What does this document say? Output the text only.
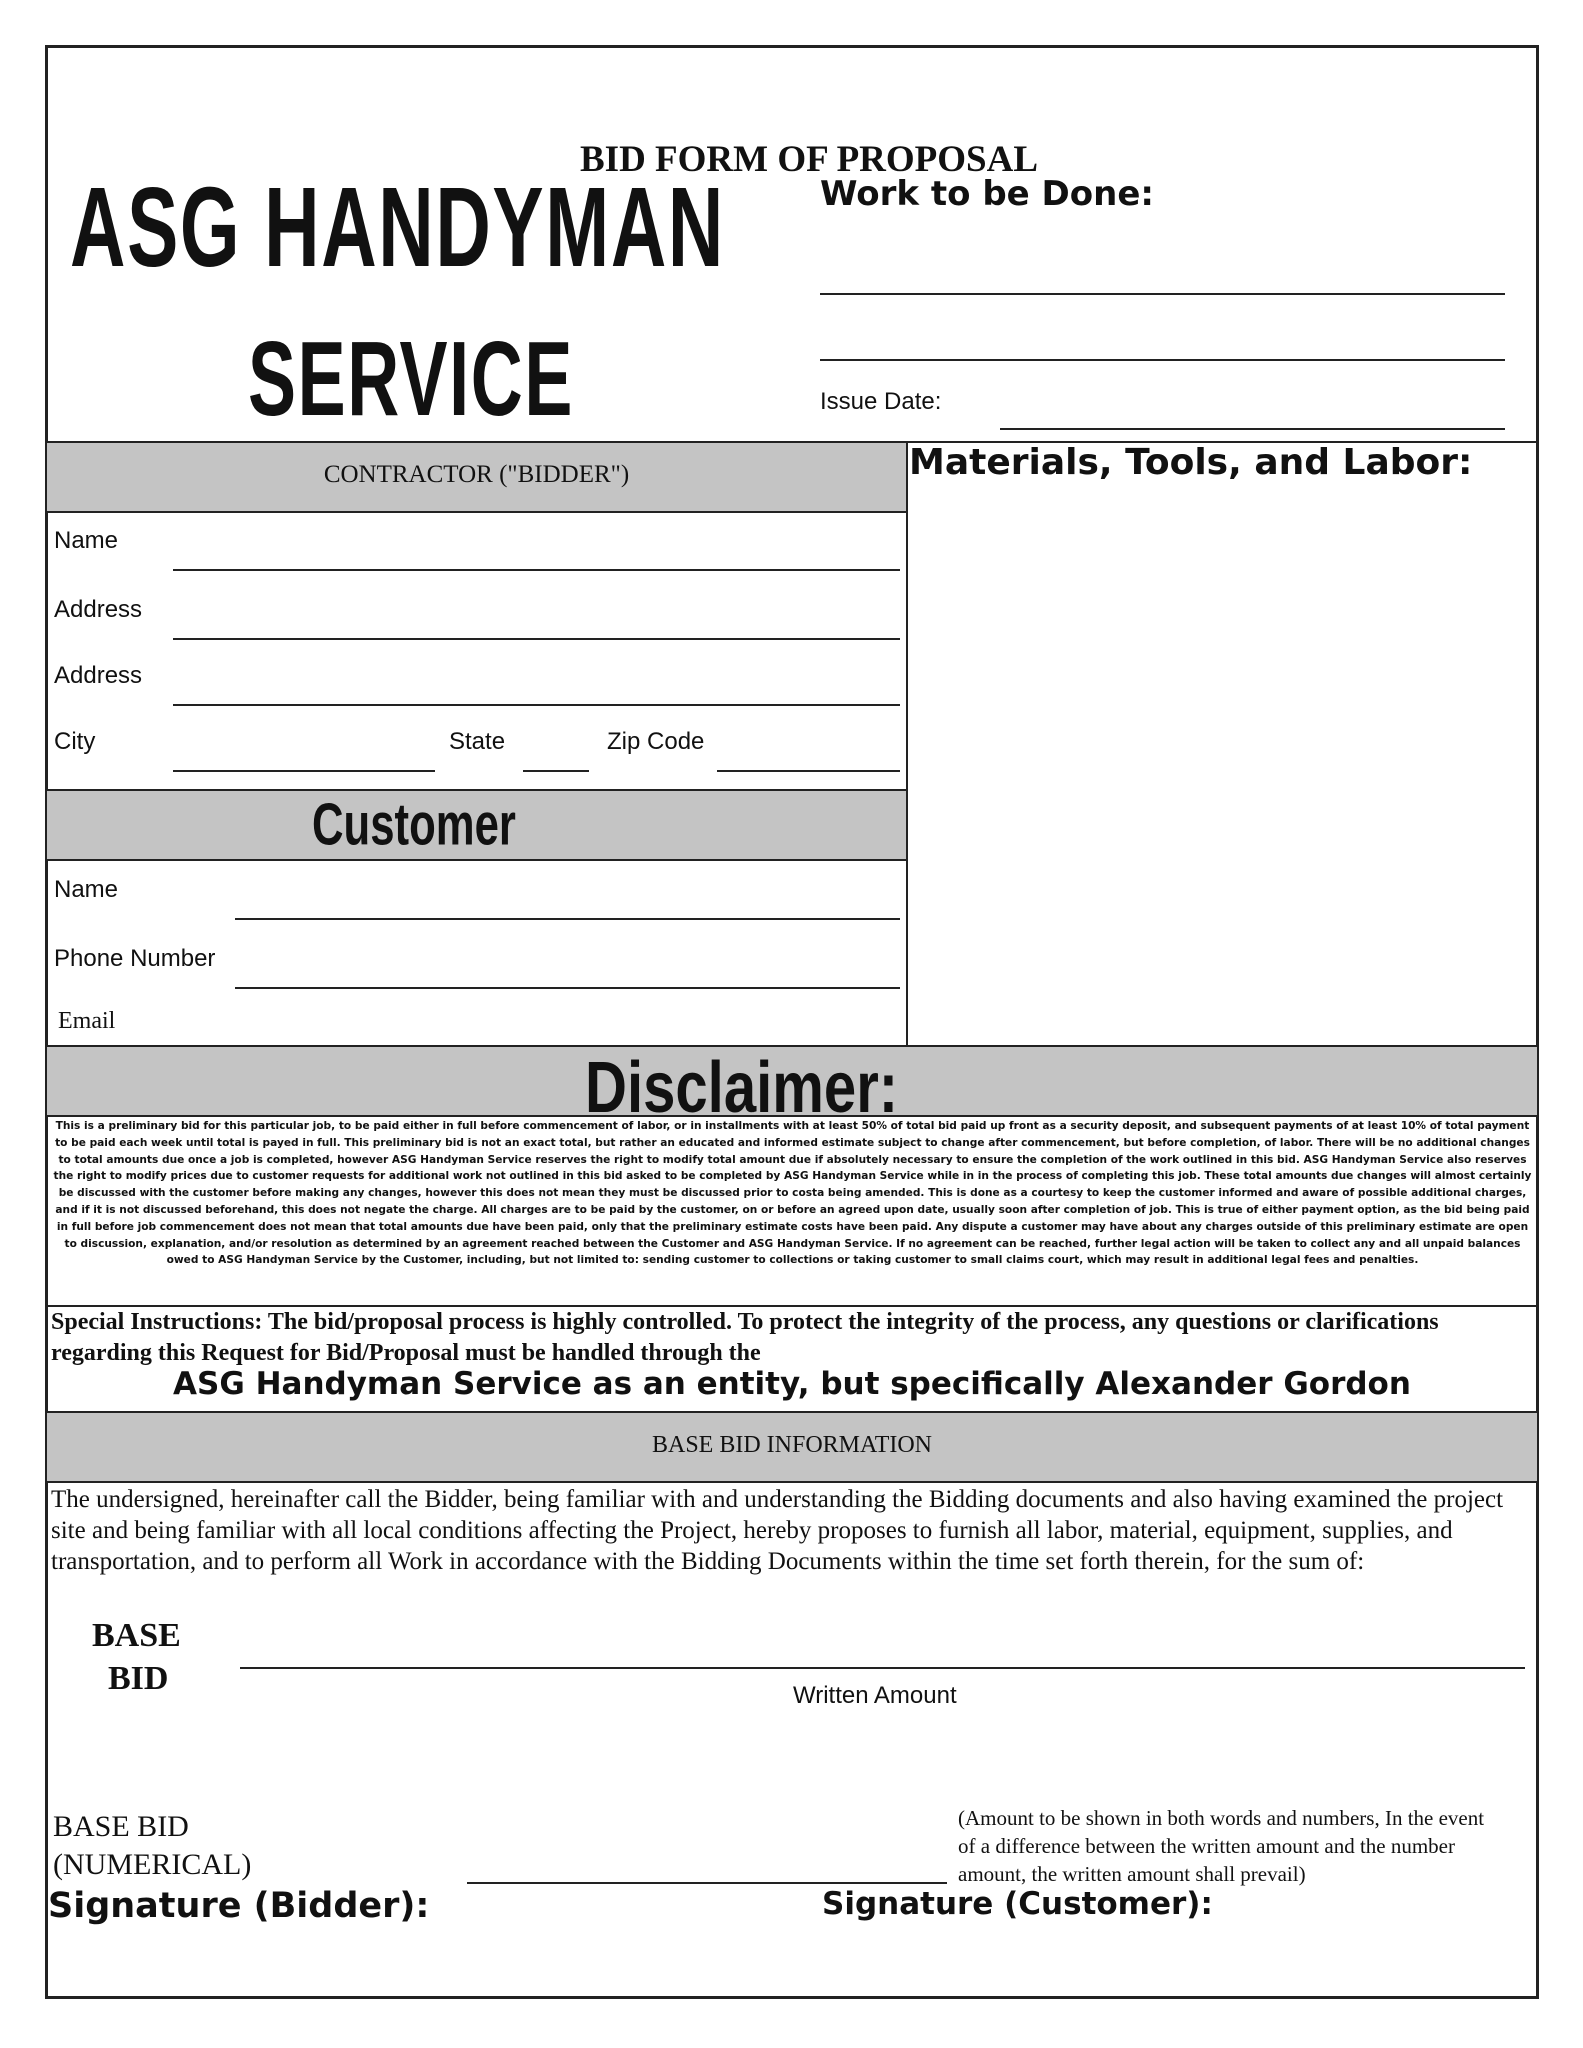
BID FORM OF PROPOSAL
ASG HANDYMAN
SERVICE
Work to be Done:
Issue Date:
CONTRACTOR ("BIDDER")
Name
Address
Address
City	State	Zip Code
Materials, Tools, and Labor:
Customer
Name
Phone Number
Email
Disclaimer:
This is a preliminary bid for this particular job, to be paid either in full before commencement of labor, or in installments with at least 50% of total bid paid up front as a security deposit, and subsequent payments of at least 10% of total payment to be paid each week until total is payed in full. This preliminary bid is not an exact total, but rather an educated and informed estimate subject to change after commencement, but before completion, of labor. There will be no additional changes to total amounts due once a job is completed, however ASG Handyman Service reserves the right to modify total amount due if absolutely necessary to ensure the completion of the work outlined in this bid. ASG Handyman Service also reserves the right to modify prices due to customer requests for additional work not outlined in this bid asked to be completed by ASG Handyman Service while in in the process of completing this job. These total amounts due changes will almost certainly be discussed with the customer before making any changes, however this does not mean they must be discussed prior to costa being amended. This is done as a courtesy to keep the customer informed and aware of possible additional charges, and if it is not discussed beforehand, this does not negate the charge. All charges are to be paid by the customer, on or before an agreed upon date, usually soon after completion of job. This is true of either payment option, as the bid being paid in full before job commencement does not mean that total amounts due have been paid, only that the preliminary estimate costs have been paid. Any dispute a customer may have about any charges outside of this preliminary estimate are open to discussion, explanation, and/or resolution as determined by an agreement reached between the Customer and ASG Handyman Service. If no agreement can be reached, further legal action will be taken to collect any and all unpaid balances owed to ASG Handyman Service by the Customer, including, but not limited to: sending customer to collections or taking customer to small claims court, which may result in additional legal fees and penalties.
Special Instructions: The bid/proposal process is highly controlled. To protect the integrity of the process, any questions or clarifications regarding this Request for Bid/Proposal must be handled through the
ASG Handyman Service as an entity, but specifically Alexander Gordon
BASE BID INFORMATION
The undersigned, hereinafter call the Bidder, being familiar with and understanding the Bidding documents and also having examined the project site and being familiar with all local conditions affecting the Project, hereby proposes to furnish all labor, material, equipment, supplies, and transportation, and to perform all Work in accordance with the Bidding Documents within the time set forth therein, for the sum of:
BASE
BID	Written Amount
BASE BID
(NUMERICAL)
(Amount to be shown in both words and numbers, In the event of a difference between the written amount and the number amount, the written amount shall prevail)
Signature (Bidder):	Signature (Customer):
